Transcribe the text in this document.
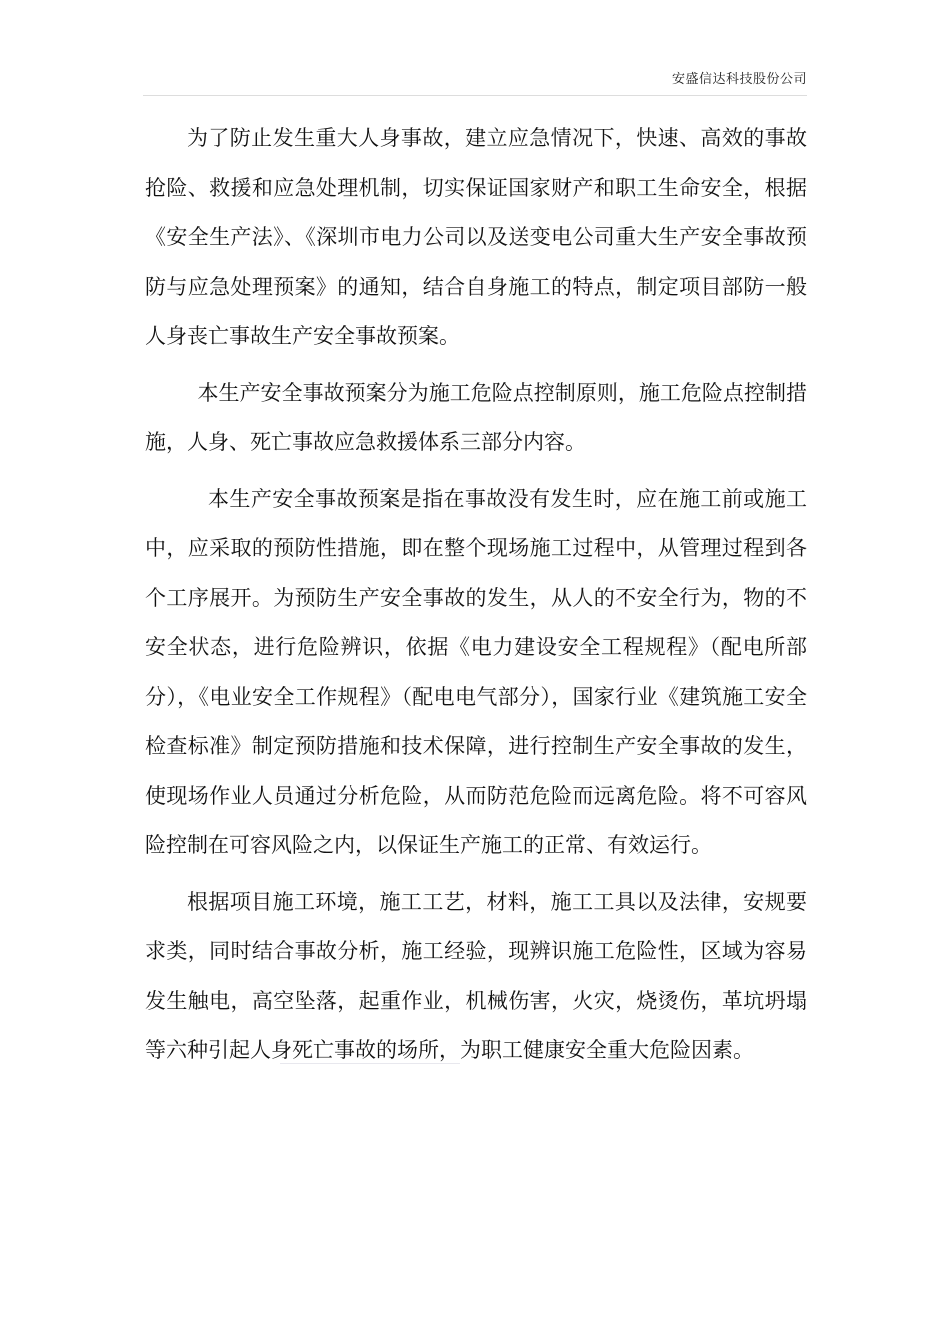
安盛信达科技股份公司

为了防止发生重大人身事故，建立应急情况下，快速、高效的事故抢险、救援和应急处理机制，切实保证国家财产和职工生命安全，根据《安全生产法》、《深圳市电力公司以及送变电公司重大生产安全事故预防与应急处理预案》的通知，结合自身施工的特点，制定项目部防一般人身丧亡事故生产安全事故预案。

本生产安全事故预案分为施工危险点控制原则，施工危险点控制措施，人身、死亡事故应急救援体系三部分内容。

本生产安全事故预案是指在事故没有发生时，应在施工前或施工中，应采取的预防性措施，即在整个现场施工过程中，从管理过程到各个工序展开。为预防生产安全事故的发生，从人的不安全行为，物的不安全状态，进行危险辨识，依据《电力建设安全工程规程》（配电所部分），《电业安全工作规程》（配电电气部分），国家行业《建筑施工安全检查标准》制定预防措施和技术保障，进行控制生产安全事故的发生，使现场作业人员通过分析危险，从而防范危险而远离危险。将不可容风险控制在可容风险之内，以保证生产施工的正常、有效运行。

根据项目施工环境，施工工艺，材料，施工工具以及法律，安规要求类，同时结合事故分析，施工经验，现辨识施工危险性，区域为容易发生触电，高空坠落，起重作业，机械伤害，火灾，烧烫伤，革坑坍塌等六种引起人身死亡事故的场所，为职工健康安全重大危险因素。
